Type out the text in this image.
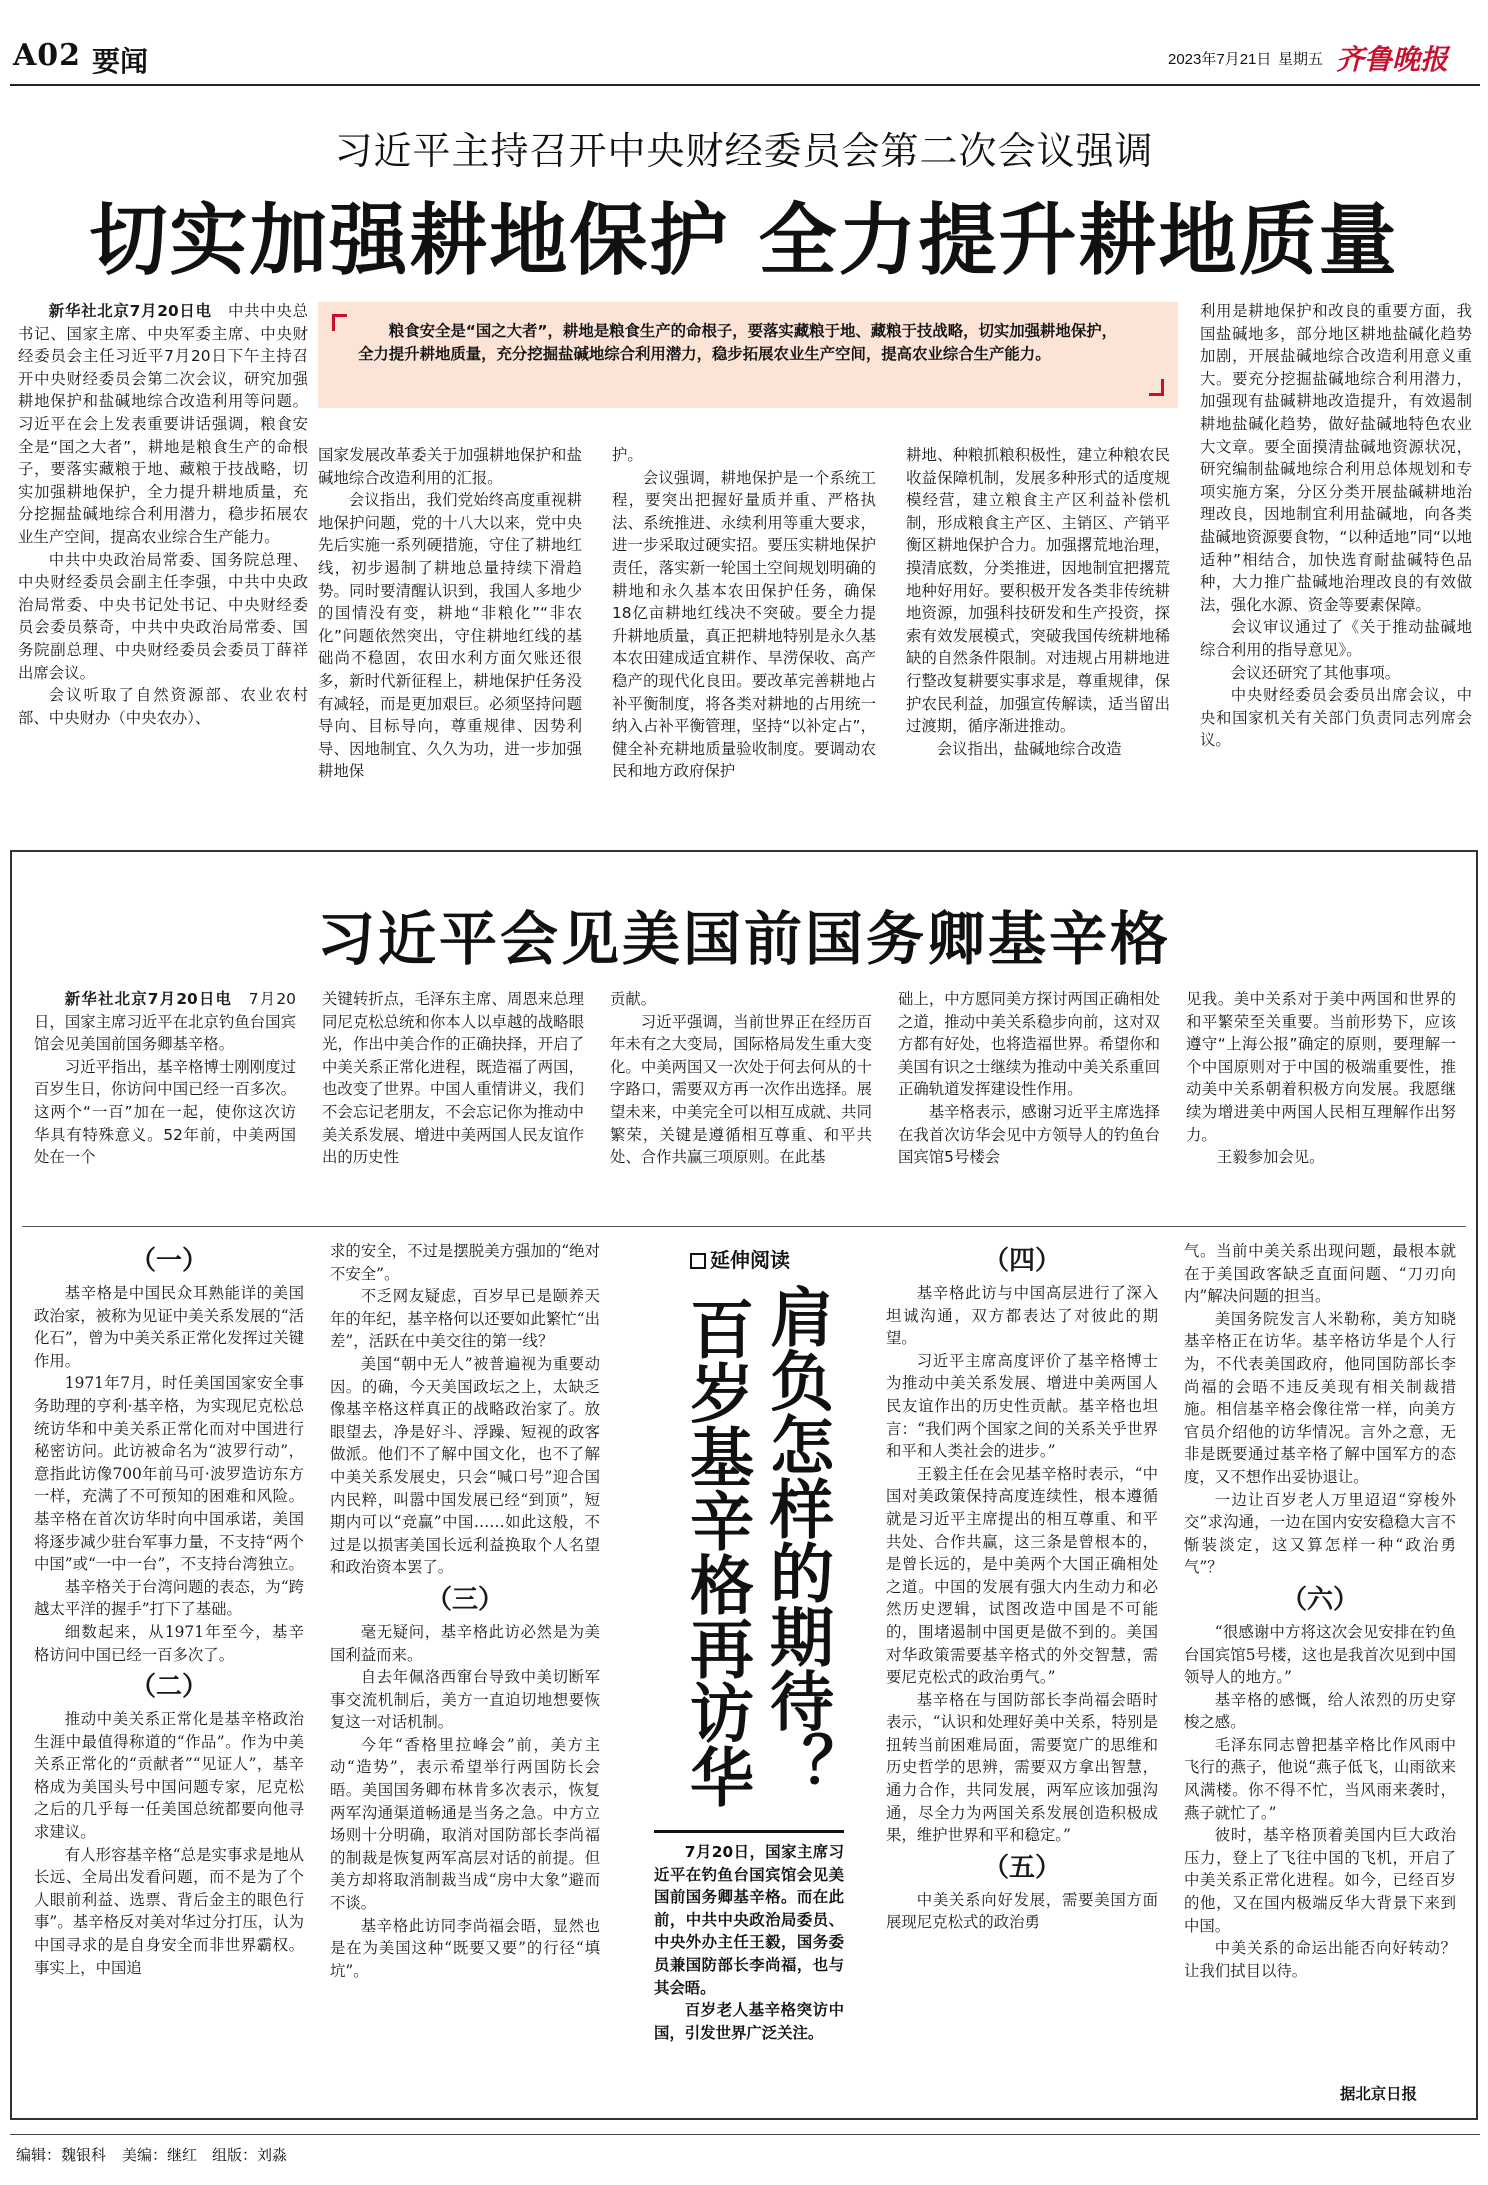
A02 要闻	2023年7月21日 星期五 齐鲁晚报
习近平主持召开中央财经委员会第二次会议强调
切实加强耕地保护 全力提升耕地质量
粮食安全是“国之大者”，耕地是粮食生产的命根子，要落实藏粮于地、藏粮于技战略，切实加强耕地保护，全力提升耕地质量，充分挖掘盐碱地综合利用潜力，稳步拓展农业生产空间，提高农业综合生产能力。

新华社北京7月20日电　 中共中央总书记、国家主席、中央军委主席、中央财经委员会主任习近平7月20日下午主持召开中央财经委员会第二次会议，研究加强耕地保护和盐碱地综合改造利用等问题。习近平在会上发表重要讲话强调，粮食安全是“国之大者”，耕地是粮食生产的命根子，要落实藏粮于地、藏粮于技战略，切实加强耕地保护，全力提升耕地质量，充分挖掘盐碱地综合利用潜力，稳步拓展农业生产空间，提高农业综合生产能力。

中共中央政治局常委、国务院总理、中央财经委员会副主任李强，中共中央政治局常委、中央书记处书记、中央财经委员会委员蔡奇，中共中央政治局常委、国务院副总理、中央财经委员会委员丁薛祥出席会议。

会议听取了自然资源部、农业农村部、中央财办（中央农办）、

国家发展改革委关于加强耕地保护和盐碱地综合改造利用的汇报。

会议指出，我们党始终高度重视耕地保护问题，党的十八大以来，党中央先后实施一系列硬措施，守住了耕地红线，初步遏制了耕地总量持续下滑趋势。同时要清醒认识到，我国人多地少的国情没有变，耕地“非粮化”“非农化”问题依然突出，守住耕地红线的基础尚不稳固，农田水利方面欠账还很多，新时代新征程上，耕地保护任务没有减轻，而是更加艰巨。必须坚持问题导向、目标导向，尊重规律、因势利导、因地制宜、久久为功，进一步加强耕地保

护。

会议强调，耕地保护是一个系统工程，要突出把握好量质并重、严格执法、系统推进、永续利用等重大要求，进一步采取过硬实招。要压实耕地保护责任，落实新一轮国土空间规划明确的耕地和永久基本农田保护任务，确保18亿亩耕地红线决不突破。要全力提升耕地质量，真正把耕地特别是永久基本农田建成适宜耕作、旱涝保收、高产稳产的现代化良田。要改革完善耕地占补平衡制度，将各类对耕地的占用统一纳入占补平衡管理，坚持“以补定占”，健全补充耕地质量验收制度。要调动农民和地方政府保护

耕地、种粮抓粮积极性，建立种粮农民收益保障机制，发展多种形式的适度规模经营，建立粮食主产区利益补偿机制，形成粮食主产区、主销区、产销平衡区耕地保护合力。加强撂荒地治理，摸清底数，分类推进，因地制宜把撂荒地种好用好。要积极开发各类非传统耕地资源，加强科技研发和生产投资，探索有效发展模式，突破我国传统耕地稀缺的自然条件限制。对违规占用耕地进行整改复耕要实事求是，尊重规律，保护农民利益，加强宣传解读，适当留出过渡期，循序渐进推动。

会议指出，盐碱地综合改造

利用是耕地保护和改良的重要方面，我国盐碱地多，部分地区耕地盐碱化趋势加剧，开展盐碱地综合改造利用意义重大。要充分挖掘盐碱地综合利用潜力，加强现有盐碱耕地改造提升，有效遏制耕地盐碱化趋势，做好盐碱地特色农业大文章。要全面摸清盐碱地资源状况，研究编制盐碱地综合利用总体规划和专项实施方案，分区分类开展盐碱耕地治理改良，因地制宜利用盐碱地，向各类盐碱地资源要食物，“以种适地”同“以地适种”相结合，加快选育耐盐碱特色品种，大力推广盐碱地治理改良的有效做法，强化水源、资金等要素保障。

会议审议通过了《关于推动盐碱地综合利用的指导意见》。

会议还研究了其他事项。

中央财经委员会委员出席会议，中央和国家机关有关部门负责同志列席会议。

习近平会见美国前国务卿基辛格

新华社北京7月20日电　 7月20日，国家主席习近平在北京钓鱼台国宾馆会见美国前国务卿基辛格。

习近平指出，基辛格博士刚刚度过百岁生日，你访问中国已经一百多次。这两个“一百”加在一起，使你这次访华具有特殊意义。52年前，中美两国处在一个

关键转折点，毛泽东主席、周恩来总理同尼克松总统和你本人以卓越的战略眼光，作出中美合作的正确抉择，开启了中美关系正常化进程，既造福了两国，也改变了世界。中国人重情讲义，我们不会忘记老朋友，不会忘记你为推动中美关系发展、增进中美两国人民友谊作出的历史性

贡献。

习近平强调，当前世界正在经历百年未有之大变局，国际格局发生重大变化。中美两国又一次处于何去何从的十字路口，需要双方再一次作出选择。展望未来，中美完全可以相互成就、共同繁荣，关键是遵循相互尊重、和平共处、合作共赢三项原则。在此基

础上，中方愿同美方探讨两国正确相处之道，推动中美关系稳步向前，这对双方都有好处，也将造福世界。希望你和美国有识之士继续为推动中美关系重回正确轨道发挥建设性作用。

基辛格表示，感谢习近平主席选择在我首次访华会见中方领导人的钓鱼台国宾馆5号楼会

见我。美中关系对于美中两国和世界的和平繁荣至关重要。当前形势下，应该遵守“上海公报”确定的原则，要理解一个中国原则对于中国的极端重要性，推动美中关系朝着积极方向发展。我愿继续为增进美中两国人民相互理解作出努力。

王毅参加会见。

（一）

基辛格是中国民众耳熟能详的美国政治家，被称为见证中美关系发展的“活化石”，曾为中美关系正常化发挥过关键作用。

1971年7月，时任美国国家安全事务助理的亨利·基辛格，为实现尼克松总统访华和中美关系正常化而对中国进行秘密访问。此访被命名为“波罗行动”，意指此访像700年前马可·波罗造访东方一样，充满了不可预知的困难和风险。基辛格在首次访华时向中国承诺，美国将逐步减少驻台军事力量，不支持“两个中国”或“一中一台”，不支持台湾独立。

基辛格关于台湾问题的表态，为“跨越太平洋的握手”打下了基础。

细数起来，从1971年至今，基辛格访问中国已经一百多次了。

（二）

推动中美关系正常化是基辛格政治生涯中最值得称道的“作品”。作为中美关系正常化的“贡献者”“见证人”，基辛格成为美国头号中国问题专家，尼克松之后的几乎每一任美国总统都要向他寻求建议。

有人形容基辛格“总是实事求是地从长远、全局出发看问题，而不是为了个人眼前利益、选票、背后金主的眼色行事”。基辛格反对美对华过分打压，认为中国寻求的是自身安全而非世界霸权。事实上，中国追

求的安全，不过是摆脱美方强加的“绝对不安全”。

不乏网友疑虑，百岁早已是颐养天年的年纪，基辛格何以还要如此繁忙“出差”，活跃在中美交往的第一线？

美国“朝中无人”被普遍视为重要动因。的确，今天美国政坛之上，太缺乏像基辛格这样真正的战略政治家了。放眼望去，净是好斗、浮躁、短视的政客做派。他们不了解中国文化，也不了解中美关系发展史，只会“喊口号”迎合国内民粹，叫嚣中国发展已经“到顶”，短期内可以“竞赢”中国……如此这般，不过是以损害美国长远利益换取个人名望和政治资本罢了。

（三）

毫无疑问，基辛格此访必然是为美国利益而来。

自去年佩洛西窜台导致中美切断军事交流机制后，美方一直迫切地想要恢复这一对话机制。

今年“香格里拉峰会”前，美方主动“造势”，表示希望举行两国防长会晤。美国国务卿布林肯多次表示，恢复两军沟通渠道畅通是当务之急。中方立场则十分明确，取消对国防部长李尚福的制裁是恢复两军高层对话的前提。但美方却将取消制裁当成“房中大象”避而不谈。

基辛格此访同李尚福会晤，显然也是在为美国这种“既要又要”的行径“填坑”。

延伸阅读
百岁基辛格再访华 肩负怎样的期待？

7月20日，国家主席习近平在钓鱼台国宾馆会见美国前国务卿基辛格。而在此前，中共中央政治局委员、中央外办主任王毅，国务委员兼国防部长李尚福，也与其会晤。

百岁老人基辛格突访中国，引发世界广泛关注。

（四）

基辛格此访与中国高层进行了深入坦诚沟通，双方都表达了对彼此的期望。

习近平主席高度评价了基辛格博士为推动中美关系发展、增进中美两国人民友谊作出的历史性贡献。基辛格也坦言：“我们两个国家之间的关系关乎世界和平和人类社会的进步。”

王毅主任在会见基辛格时表示，“中国对美政策保持高度连续性，根本遵循就是习近平主席提出的相互尊重、和平共处、合作共赢，这三条是曾根本的，是曾长远的，是中美两个大国正确相处之道。中国的发展有强大内生动力和必然历史逻辑，试图改造中国是不可能的，围堵遏制中国更是做不到的。美国对华政策需要基辛格式的外交智慧，需要尼克松式的政治勇气。”

基辛格在与国防部长李尚福会晤时表示，“认识和处理好美中关系，特别是扭转当前困难局面，需要宽广的思维和历史哲学的思辨，需要双方拿出智慧，通力合作，共同发展，两军应该加强沟通，尽全力为两国关系发展创造积极成果，维护世界和平和稳定。”

（五）

中美关系向好发展，需要美国方面展现尼克松式的政治勇

气。当前中美关系出现问题，最根本就在于美国政客缺乏直面问题、“刀刃向内”解决问题的担当。

美国务院发言人米勒称，美方知晓基辛格正在访华。基辛格访华是个人行为，不代表美国政府，他同国防部长李尚福的会晤不违反美现有相关制裁措施。相信基辛格会像往常一样，向美方官员介绍他的访华情况。言外之意，无非是既要通过基辛格了解中国军方的态度，又不想作出妥协退让。

一边让百岁老人万里迢迢“穿梭外交”求沟通，一边在国内安安稳稳大言不惭装淡定，这又算怎样一种“政治勇气”？

（六）

“很感谢中方将这次会见安排在钓鱼台国宾馆5号楼，这也是我首次见到中国领导人的地方。”

基辛格的感慨，给人浓烈的历史穿梭之感。

毛泽东同志曾把基辛格比作风雨中飞行的燕子，他说“燕子低飞，山雨欲来风满楼。你不得不忙，当风雨来袭时，燕子就忙了。”

彼时，基辛格顶着美国内巨大政治压力，登上了飞往中国的飞机，开启了中美关系正常化进程。如今，已经百岁的他，又在国内极端反华大背景下来到中国。

中美关系的命运出能否向好转动？让我们拭目以待。

据北京日报
编辑：魏银科 美编：继红 组版：刘淼
